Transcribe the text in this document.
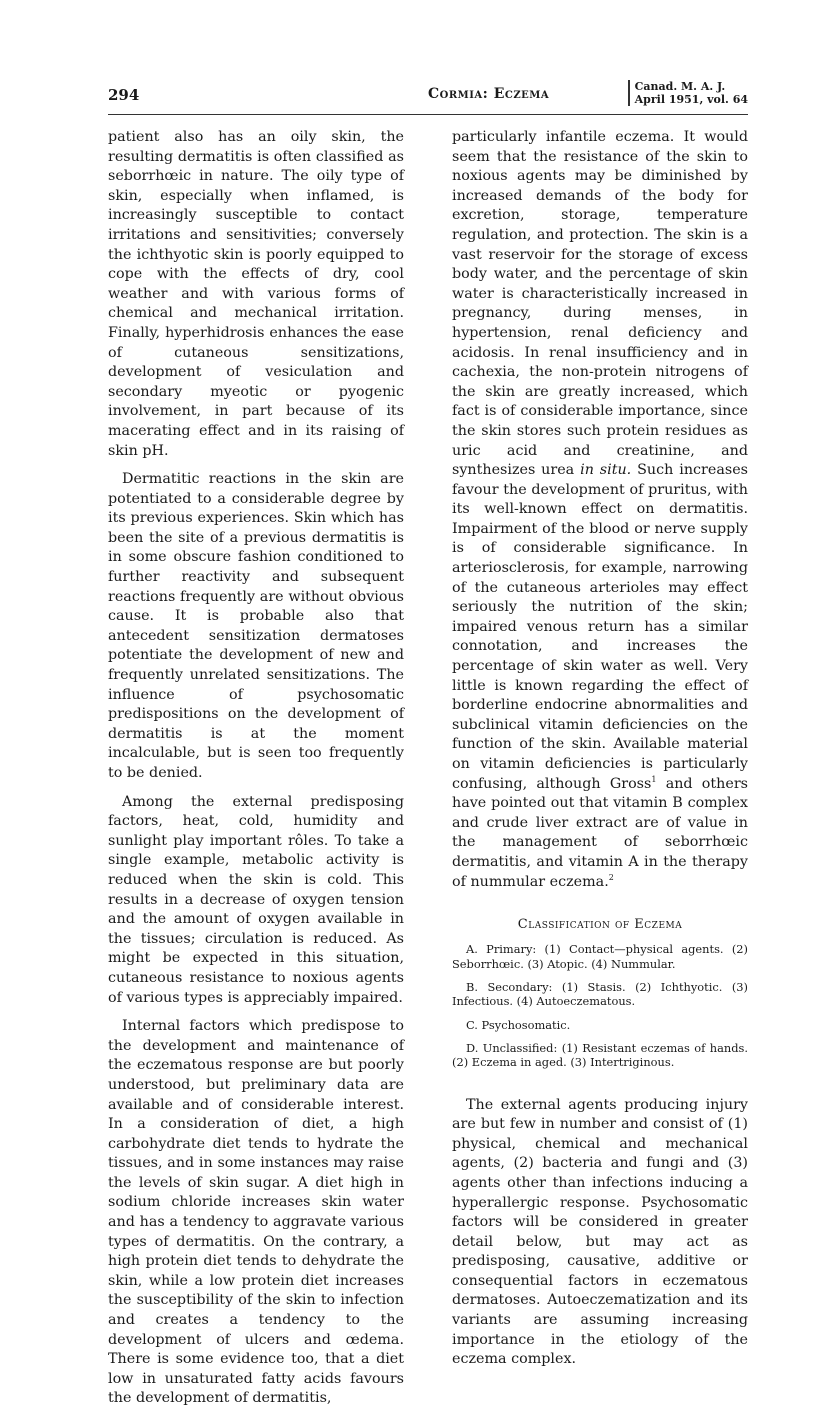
294	Cormia: Eczema	Canad. M. A. J.
April 1951, vol. 64

patient also has an oily skin, the resulting dermatitis is often classified as seborrhœic in nature. The oily type of skin, especially when inflamed, is increasingly susceptible to contact irritations and sensitivities; conversely the ichthyotic skin is poorly equipped to cope with the effects of dry, cool weather and with various forms of chemical and mechanical irritation. Finally, hyperhidrosis enhances the ease of cutaneous sensitizations, development of vesiculation and secondary myeotic or pyogenic involvement, in part because of its macerating effect and in its raising of skin pH.

Dermatitic reactions in the skin are potentiated to a considerable degree by its previous experiences. Skin which has been the site of a previous dermatitis is in some obscure fashion conditioned to further reactivity and subsequent reactions frequently are without obvious cause. It is probable also that antecedent sensitization dermatoses potentiate the development of new and frequently unrelated sensitizations. The influence of psychosomatic predispositions on the development of dermatitis is at the moment incalculable, but is seen too frequently to be denied.

Among the external predisposing factors, heat, cold, humidity and sunlight play important rôles. To take a single example, metabolic activity is reduced when the skin is cold. This results in a decrease of oxygen tension and the amount of oxygen available in the tissues; circulation is reduced. As might be expected in this situation, cutaneous resistance to noxious agents of various types is appreciably impaired.

Internal factors which predispose to the development and maintenance of the eczematous response are but poorly understood, but preliminary data are available and of considerable interest. In a consideration of diet, a high carbohydrate diet tends to hydrate the tissues, and in some instances may raise the levels of skin sugar. A diet high in sodium chloride increases skin water and has a tendency to aggravate various types of dermatitis. On the contrary, a high protein diet tends to dehydrate the skin, while a low protein diet increases the susceptibility of the skin to infection and creates a tendency to the development of ulcers and œdema. There is some evidence too, that a diet low in unsaturated fatty acids favours the development of dermatitis,

particularly infantile eczema. It would seem that the resistance of the skin to noxious agents may be diminished by increased demands of the body for excretion, storage, temperature regulation, and protection. The skin is a vast reservoir for the storage of excess body water, and the percentage of skin water is characteristically increased in pregnancy, during menses, in hypertension, renal deficiency and acidosis. In renal insufficiency and in cachexia, the non-protein nitrogens of the skin are greatly increased, which fact is of considerable importance, since the skin stores such protein residues as uric acid and creatinine, and synthesizes urea in situ. Such increases favour the development of pruritus, with its well-known effect on dermatitis. Impairment of the blood or nerve supply is of considerable significance. In arteriosclerosis, for example, narrowing of the cutaneous arterioles may effect seriously the nutrition of the skin; impaired venous return has a similar connotation, and increases the percentage of skin water as well. Very little is known regarding the effect of borderline endocrine abnormalities and subclinical vitamin deficiencies on the function of the skin. Available material on vitamin deficiencies is particularly confusing, although Gross$^1$ and others have pointed out that vitamin B complex and crude liver extract are of value in the management of seborrhœic dermatitis, and vitamin A in the therapy of nummular eczema.$^2$

Classification of Eczema

A. Primary: (1) Contact—physical agents. (2) Seborrhœic. (3) Atopic. (4) Nummular.

B. Secondary: (1) Stasis. (2) Ichthyotic. (3) Infectious. (4) Autoeczematous.

C. Psychosomatic.

D. Unclassified: (1) Resistant eczemas of hands. (2) Eczema in aged. (3) Intertriginous.

The external agents producing injury are but few in number and consist of (1) physical, chemical and mechanical agents, (2) bacteria and fungi and (3) agents other than infections inducing a hyperallergic response. Psychosomatic factors will be considered in greater detail below, but may act as predisposing, causative, additive or consequential factors in eczematous dermatoses. Autoeczematization and its variants are assuming increasing importance in the etiology of the eczema complex.
